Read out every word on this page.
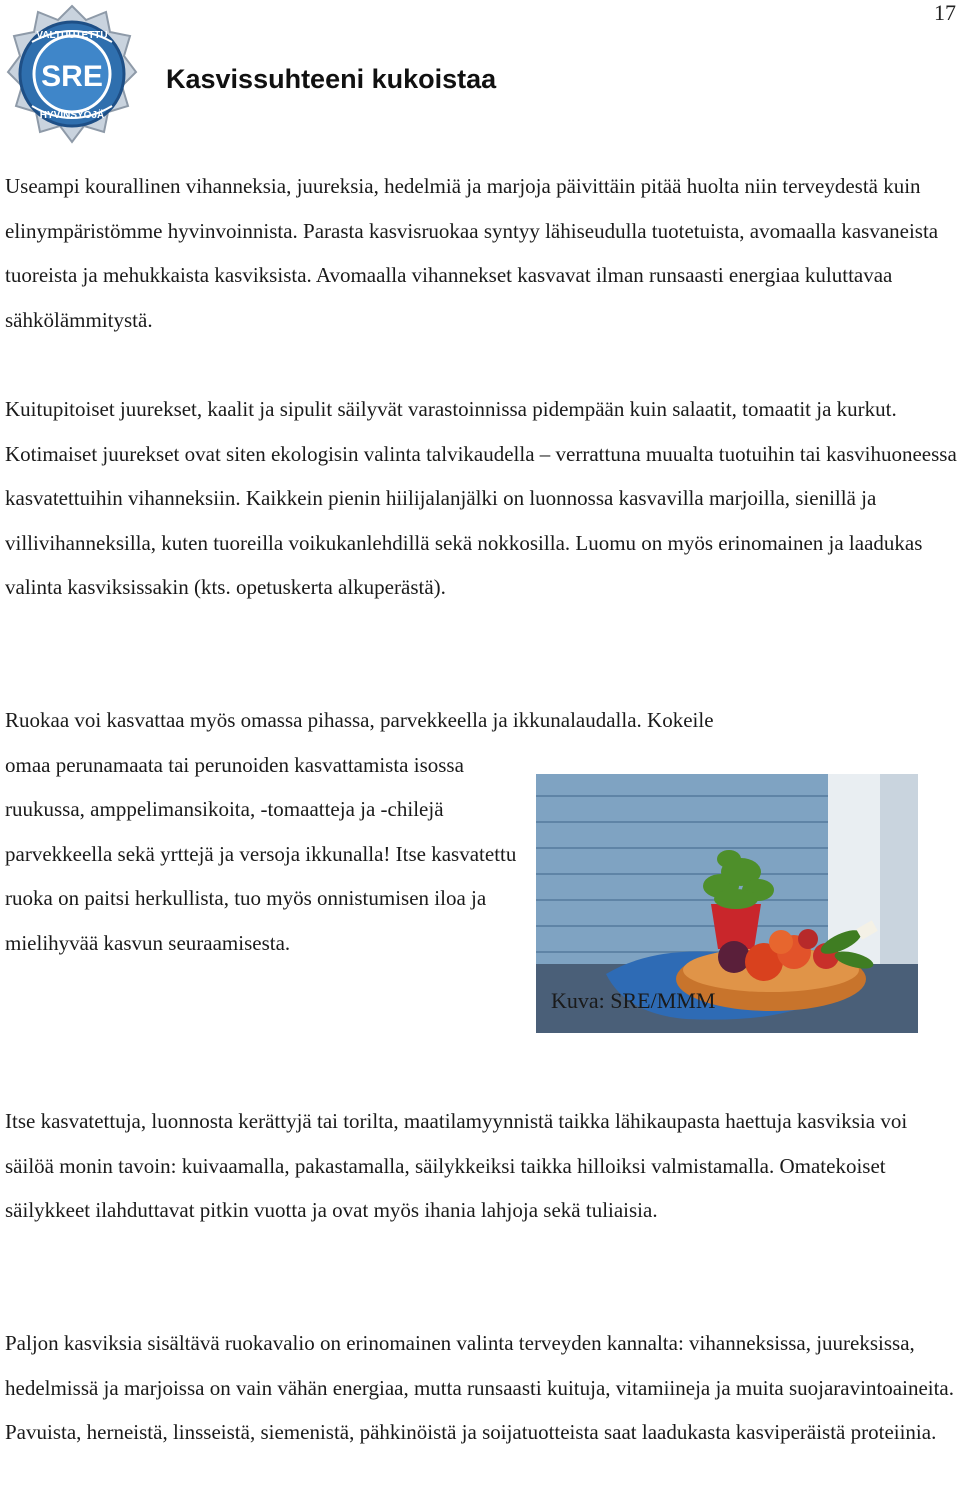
17
SRE
VALTUUTETTU
HYVINSYÖJÄ
Kasvissuhteeni kukoistaa

Useampi kourallinen vihanneksia, juureksia, hedelmiä ja marjoja päivittäin pitää huolta niin terveydestä kuin elinympäristömme hyvinvoinnista. Parasta kasvisruokaa syntyy lähiseudulla tuotetuista, avomaalla kasvaneista tuoreista ja mehukkaista kasviksista. Avomaalla vihannekset kasvavat ilman runsaasti energiaa kuluttavaa sähkölämmitystä.

Kuitupitoiset juurekset, kaalit ja sipulit säilyvät varastoinnissa pidempään kuin salaatit, tomaatit ja kurkut. Kotimaiset juurekset ovat siten ekologisin valinta talvikaudella – verrattuna muualta tuotuihin tai kasvihuoneessa kasvatettuihin vihanneksiin. Kaikkein pienin hiilijalanjälki on luonnossa kasvavilla marjoilla, sienillä ja villivihanneksilla, kuten tuoreilla voikukanlehdillä sekä nokkosilla. Luomu on myös erinomainen ja laadukas valinta kasviksissakin (kts. opetuskerta alkuperästä).

Ruokaa voi kasvattaa myös omassa pihassa, parvekkeella ja ikkunalaudalla. Kokeile
omaa perunamaata tai perunoiden kasvattamista isossa ruukussa, amppelimansikoita, -tomaatteja ja -chilejä parvekkeella sekä yrttejä ja versoja ikkunalla! Itse kasvatettu ruoka on paitsi herkullista, tuo myös onnistumisen iloa ja mielihyvää kasvun seuraamisesta.
Kuva: SRE/MMM

Itse kasvatettuja, luonnosta kerättyjä tai torilta, maatilamyynnistä taikka lähikaupasta haettuja kasviksia voi säilöä monin tavoin: kuivaamalla, pakastamalla, säilykkeiksi taikka hilloiksi valmistamalla. Omatekoiset säilykkeet ilahduttavat pitkin vuotta ja ovat myös ihania lahjoja sekä tuliaisia.

Paljon kasviksia sisältävä ruokavalio on erinomainen valinta terveyden kannalta: vihanneksissa, juureksissa, hedelmissä ja marjoissa on vain vähän energiaa, mutta runsaasti kuituja, vitamiineja ja muita suojaravintoaineita. Pavuista, herneistä, linsseistä, siemenistä, pähkinöistä ja soijatuotteista saat laadukasta kasviperäistä proteiinia.
